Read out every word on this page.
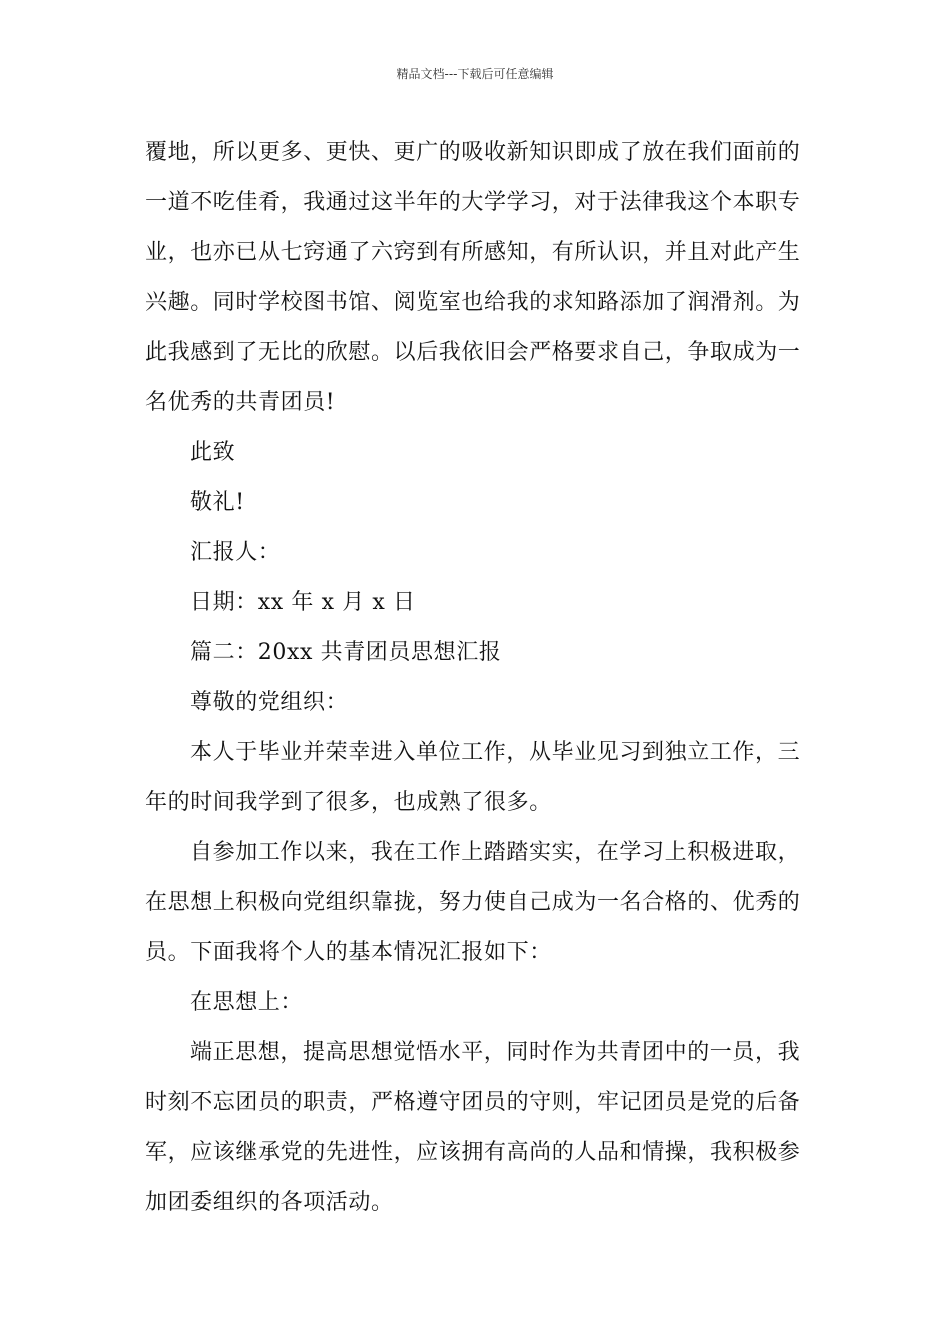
精品文档---下载后可任意编辑
覆地，所以更多、更快、更广的吸收新知识即成了放在我们面前的
一道不吃佳肴，我通过这半年的大学学习，对于法律我这个本职专
业，也亦已从七窍通了六窍到有所感知，有所认识，并且对此产生
兴趣。同时学校图书馆、阅览室也给我的求知路添加了润滑剂。为
此我感到了无比的欣慰。以后我依旧会严格要求自己，争取成为一
名优秀的共青团员!
此致
敬礼!
汇报人：
日期：xx 年 x 月 x 日
篇二：20xx 共青团员思想汇报
尊敬的党组织：
本人于毕业并荣幸进入单位工作，从毕业见习到独立工作，三
年的时间我学到了很多，也成熟了很多。
自参加工作以来，我在工作上踏踏实实，在学习上积极进取，
在思想上积极向党组织靠拢，努力使自己成为一名合格的、优秀的
员。下面我将个人的基本情况汇报如下：
在思想上：
端正思想，提高思想觉悟水平，同时作为共青团中的一员，我
时刻不忘团员的职责，严格遵守团员的守则，牢记团员是党的后备
军，应该继承党的先进性，应该拥有高尚的人品和情操，我积极参
加团委组织的各项活动。
